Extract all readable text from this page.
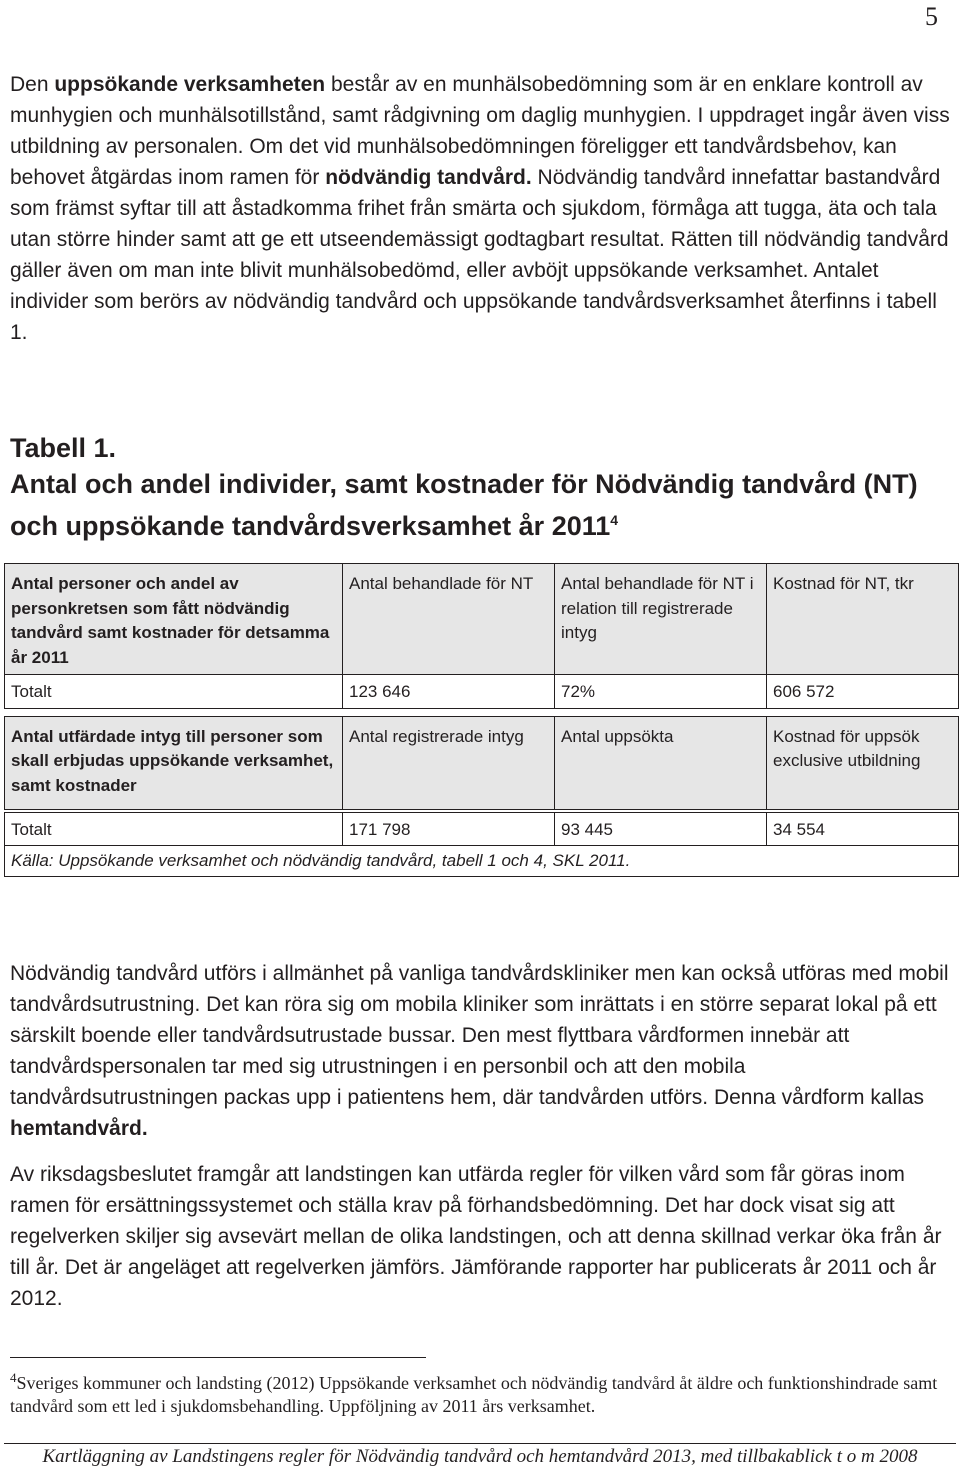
5

Den uppsökande verksamheten består av en munhälsobedömning som är en enklare kontroll av munhygien och munhälsotillstånd, samt rådgivning om daglig munhygien. I uppdraget ingår även viss utbildning av personalen. Om det vid munhälsobedömningen föreligger ett tandvårdsbehov, kan behovet åtgärdas inom ramen för nödvändig tandvård. Nödvändig tandvård innefattar bastandvård som främst syftar till att åstadkomma frihet från smärta och sjukdom, förmåga att tugga, äta och tala utan större hinder samt att ge ett utseendemässigt godtagbart resultat. Rätten till nödvändig tandvård gäller även om man inte blivit munhälsobedömd, eller avböjt uppsökande verksamhet. Antalet individer som berörs av nödvändig tandvård och uppsökande tandvårdsverksamhet återfinns i tabell 1.

Tabell 1.
Antal och andel individer, samt kostnader för Nödvändig tandvård (NT) och uppsökande tandvårdsverksamhet år 2011$^4$
Antal personer och andel av personkretsen som fått nödvändig tandvård samt kostnader för detsamma år 2011	Antal behandlade för NT	Antal behandlade för NT i relation till registrerade intyg	Kostnad för NT, tkr
Totalt	123 646	72%	606 572

Antal utfärdade intyg till personer som skall erbjudas uppsökande verksamhet, samt kostnader	Antal registrerade intyg	Antal uppsökta	Kostnad för uppsök exclusive utbildning

Totalt	171 798	93 445	34 554
Källa: Uppsökande verksamhet och nödvändig tandvård, tabell 1 och 4, SKL 2011.			

Nödvändig tandvård utförs i allmänhet på vanliga tandvårdskliniker men kan också utföras med mobil tandvårdsutrustning. Det kan röra sig om mobila kliniker som inrättats i en större separat lokal på ett särskilt boende eller tandvårdsutrustade bussar. Den mest flyttbara vårdformen innebär att tandvårdspersonalen tar med sig utrustningen i en personbil och att den mobila tandvårdsutrustningen packas upp i patientens hem, där tandvården utförs. Denna vårdform kallas hemtandvård.

Av riksdagsbeslutet framgår att landstingen kan utfärda regler för vilken vård som får göras inom ramen för ersättningssystemet och ställa krav på förhandsbedömning. Det har dock visat sig att regelverken skiljer sig avsevärt mellan de olika landstingen, och att denna skillnad verkar öka från år till år. Det är angeläget att regelverken jämförs. Jämförande rapporter har publicerats år 2011 och år 2012.

$^4$Sveriges kommuner och landsting (2012) Uppsökande verksamhet och nödvändig tandvård åt äldre och funktionshindrade samt tandvård som ett led i sjukdomsbehandling. Uppföljning av 2011 års verksamhet.
Kartläggning av Landstingens regler för Nödvändig tandvård och hemtandvård 2013, med tillbakablick t o m 2008
